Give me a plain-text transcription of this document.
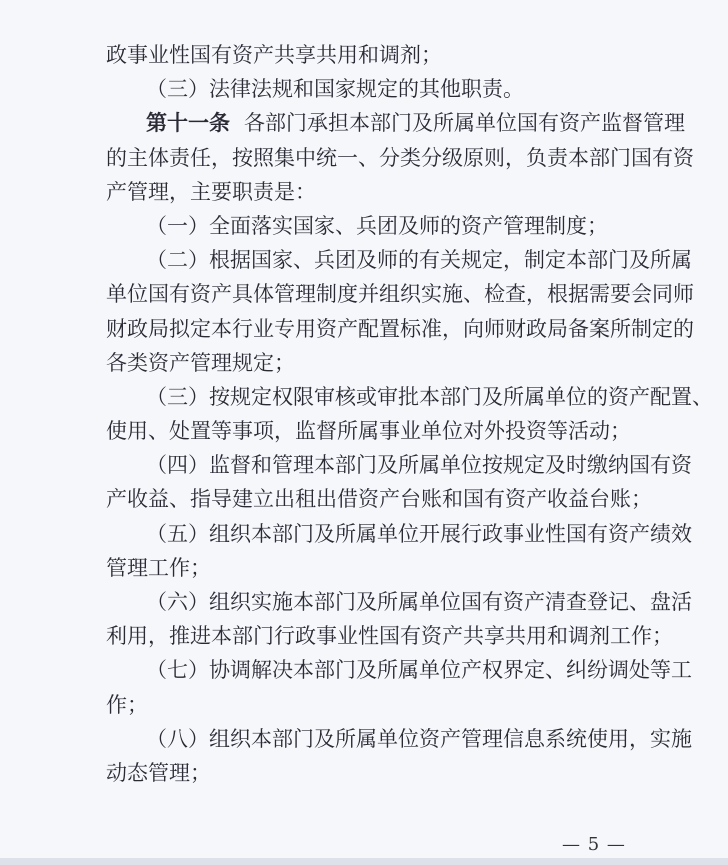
政事业性国有资产共享共用和调剂；
（三）法律法规和国家规定的其他职责。
第十一条 各部门承担本部门及所属单位国有资产监督管理
的主体责任，按照集中统一、分类分级原则，负责本部门国有资
产管理，主要职责是：
（一）全面落实国家、兵团及师的资产管理制度；
（二）根据国家、兵团及师的有关规定，制定本部门及所属
单位国有资产具体管理制度并组织实施、检查，根据需要会同师
财政局拟定本行业专用资产配置标准，向师财政局备案所制定的
各类资产管理规定；
（三）按规定权限审核或审批本部门及所属单位的资产配置、
使用、处置等事项，监督所属事业单位对外投资等活动；
（四）监督和管理本部门及所属单位按规定及时缴纳国有资
产收益、指导建立出租出借资产台账和国有资产收益台账；
（五）组织本部门及所属单位开展行政事业性国有资产绩效
管理工作；
（六）组织实施本部门及所属单位国有资产清查登记、盘活
利用，推进本部门行政事业性国有资产共享共用和调剂工作；
（七）协调解决本部门及所属单位产权界定、纠纷调处等工
作；
（八）组织本部门及所属单位资产管理信息系统使用，实施
动态管理；
— 5 —
